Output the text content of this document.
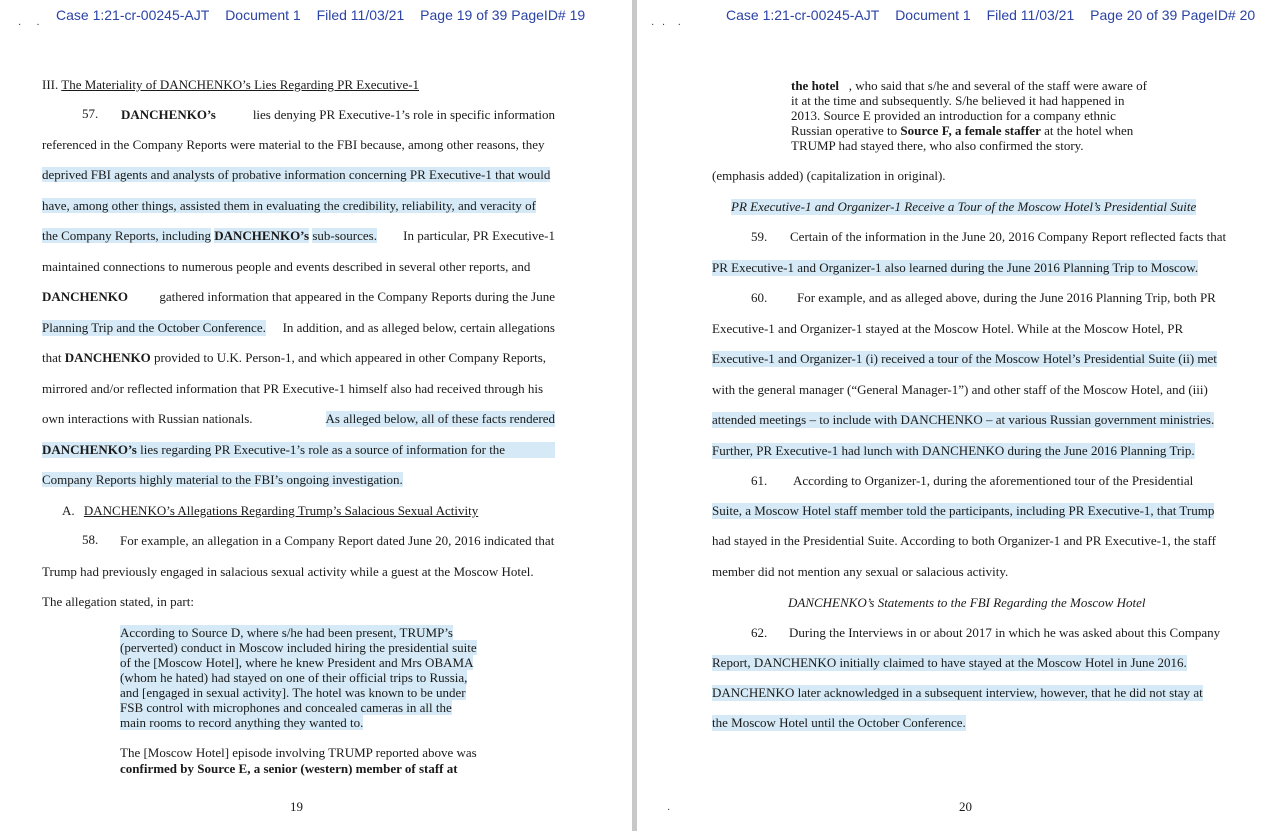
Case 1:21-cr-00245-AJT Document 1 Filed 11/03/21 Page 19 of 39 PageID# 19
·      ·
III. The Materiality of DANCHENKO’s Lies Regarding PR Executive-1
57. DANCHENKO’s	lies denying PR Executive-1’s role in specific information
referenced in the Company Reports were material to the FBI because, among other reasons, they
deprived FBI agents and analysts of probative information concerning PR Executive-1 that would
have, among other things, assisted them in evaluating the credibility, reliability, and veracity of
the Company Reports, including DANCHENKO’s sub-sources. In particular, PR Executive-1
maintained connections to numerous people and events described in several other reports, and
DANCHENKO gathered information that appeared in the Company Reports during the June
Planning Trip and the October Conference. In addition, and as alleged below, certain allegations
that DANCHENKO provided to U.K. Person-1, and which appeared in other Company Reports,
mirrored and/or reflected information that PR Executive-1 himself also had received through his
own interactions with Russian nationals.	As alleged below, all of these facts rendered
DANCHENKO’s lies regarding PR Executive-1’s role as a source of information for the
Company Reports highly material to the FBI’s ongoing investigation.
A. DANCHENKO’s Allegations Regarding Trump’s Salacious Sexual Activity
58. For example, an allegation in a Company Report dated June 20, 2016 indicated that
Trump had previously engaged in salacious sexual activity while a guest at the Moscow Hotel.
The allegation stated, in part:
According to Source D, where s/he had been present, TRUMP’s
(perverted) conduct in Moscow included hiring the presidential suite
of the [Moscow Hotel], where he knew President and Mrs OBAMA
(whom he hated) had stayed on one of their official trips to Russia,
and [engaged in sexual activity]. The hotel was known to be under
FSB control with microphones and concealed cameras in all the
main rooms to record anything they wanted to.
The [Moscow Hotel] episode involving TRUMP reported above was
confirmed by Source E, a senior (western) member of staff at
19
Case 1:21-cr-00245-AJT Document 1 Filed 11/03/21 Page 20 of 39 PageID# 20
·   ·     ·
the hotel , who said that s/he and several of the staff were aware of
it at the time and subsequently. S/he believed it had happened in
2013. Source E provided an introduction for a company ethnic
Russian operative to Source F, a female staffer at the hotel when
TRUMP had stayed there, who also confirmed the story.
(emphasis added) (capitalization in original).
PR Executive-1 and Organizer-1 Receive a Tour of the Moscow Hotel’s Presidential Suite
59. Certain of the information in the June 20, 2016 Company Report reflected facts that
PR Executive-1 and Organizer-1 also learned during the June 2016 Planning Trip to Moscow.
60. For example, and as alleged above, during the June 2016 Planning Trip, both PR
Executive-1 and Organizer-1 stayed at the Moscow Hotel. While at the Moscow Hotel, PR
Executive-1 and Organizer-1 (i) received a tour of the Moscow Hotel’s Presidential Suite (ii) met
with the general manager (“General Manager-1”) and other staff of the Moscow Hotel, and (iii)
attended meetings – to include with DANCHENKO – at various Russian government ministries.
Further, PR Executive-1 had lunch with DANCHENKO during the June 2016 Planning Trip.
61. According to Organizer-1, during the aforementioned tour of the Presidential
Suite, a Moscow Hotel staff member told the participants, including PR Executive-1, that Trump
had stayed in the Presidential Suite. According to both Organizer-1 and PR Executive-1, the staff
member did not mention any sexual or salacious activity.
DANCHENKO’s Statements to the FBI Regarding the Moscow Hotel
62. During the Interviews in or about 2017 in which he was asked about this Company
Report, DANCHENKO initially claimed to have stayed at the Moscow Hotel in June 2016.
DANCHENKO later acknowledged in a subsequent interview, however, that he did not stay at
the Moscow Hotel until the October Conference.
·	20
